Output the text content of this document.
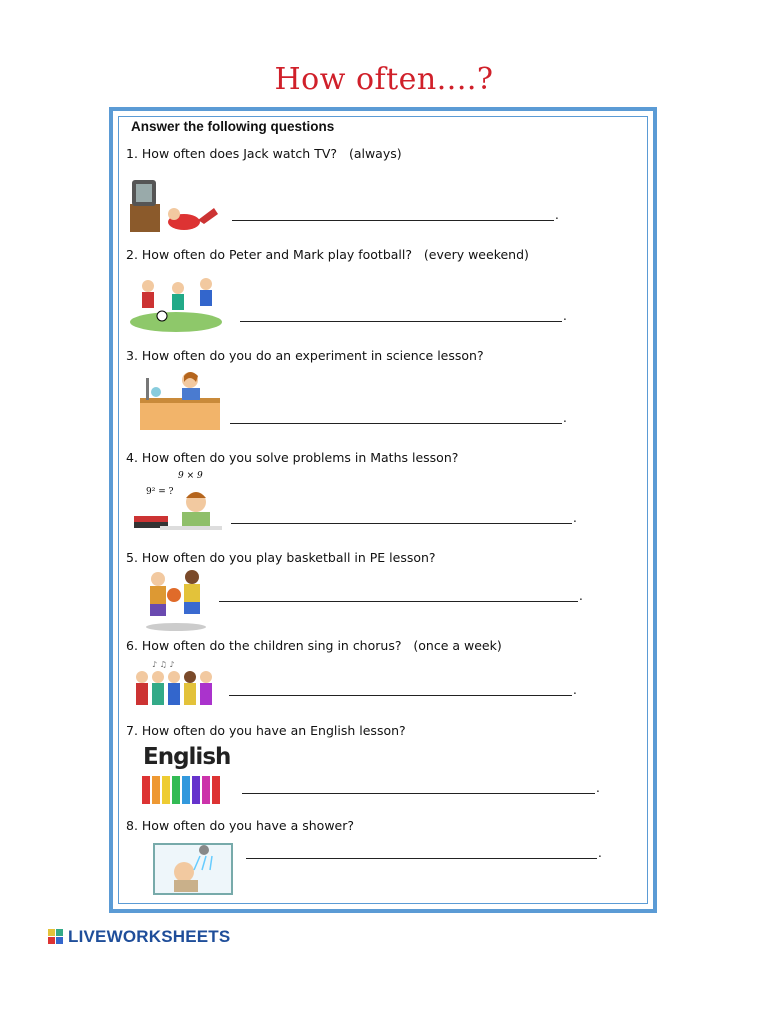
How often....?
Answer the following questions
1. How often does Jack watch TV?   (always)
.
2. How often do Peter and Mark play football?   (every weekend)
.
3. How often do you do an experiment in science lesson?
.
4. How often do you solve problems in Maths lesson?
9 × 9
9² = ?
.
5. How often do you play basketball in PE lesson?
.
6. How often do the children sing in chorus?   (once a week)
♪ ♫ ♪
.
7. How often do you have an English lesson?
English
.
8. How often do you have a shower?
.
LIVEWORKSHEETS
